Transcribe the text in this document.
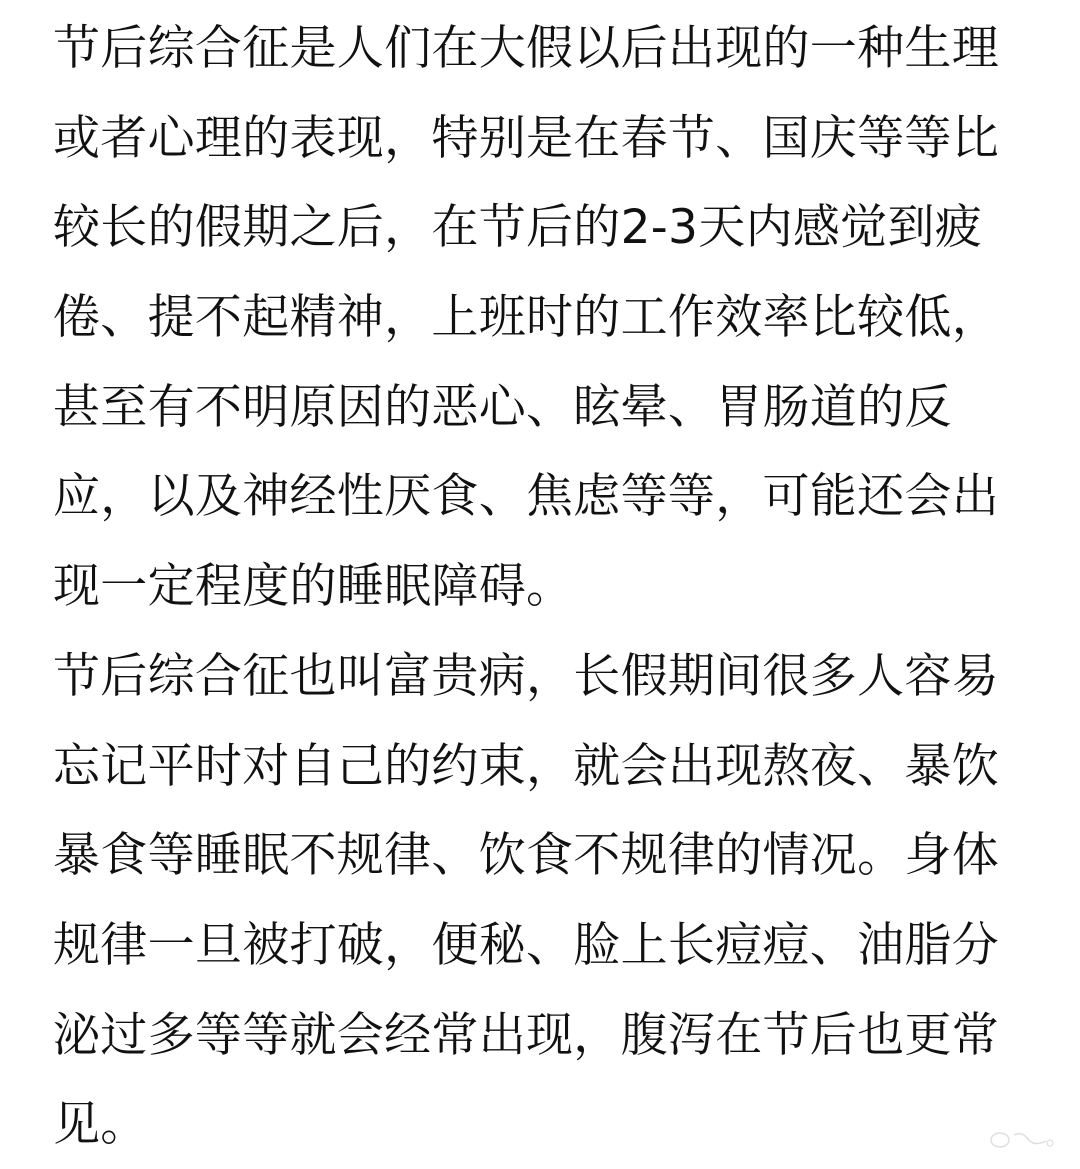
节后综合征是人们在大假以后出现的一种生理
或者心理的表现，特别是在春节、国庆等等比
较长的假期之后，在节后的2-3天内感觉到疲
倦、提不起精神，上班时的工作效率比较低，
甚至有不明原因的恶心、眩晕、胃肠道的反
应，以及神经性厌食、焦虑等等，可能还会出
现一定程度的睡眠障碍。
节后综合征也叫富贵病，长假期间很多人容易
忘记平时对自己的约束，就会出现熬夜、暴饮
暴食等睡眠不规律、饮食不规律的情况。身体
规律一旦被打破，便秘、脸上长痘痘、油脂分
泌过多等等就会经常出现，腹泻在节后也更常
见。
